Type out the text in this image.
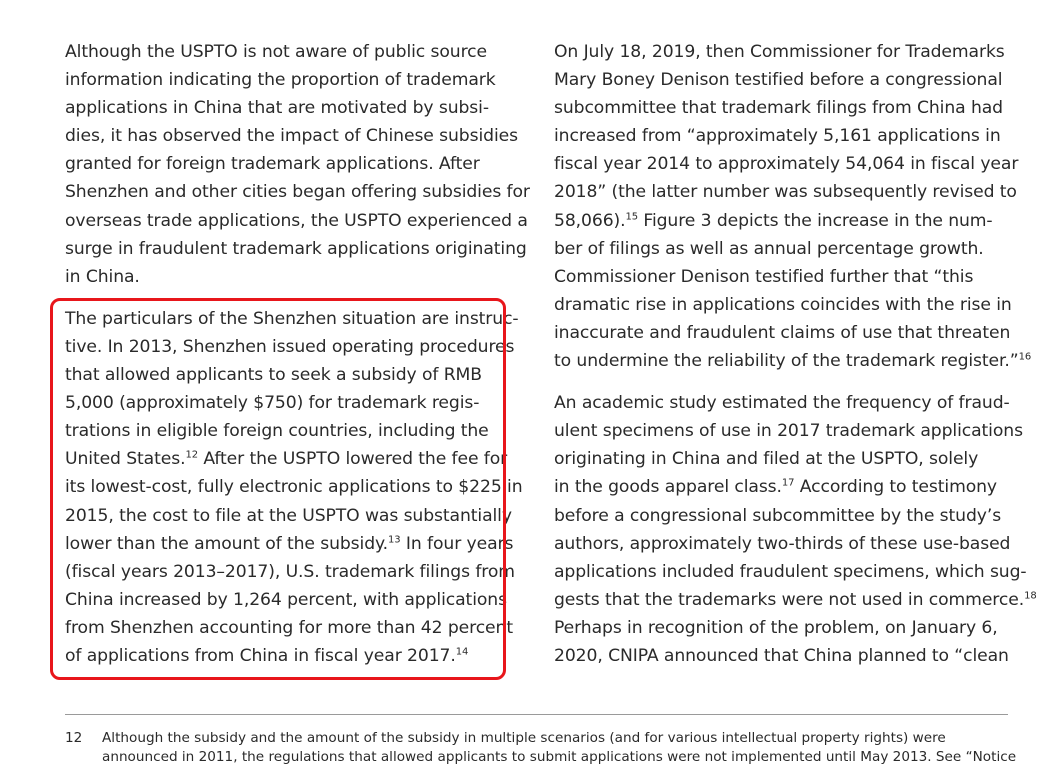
Although the USPTO is not aware of public source
information indicating the proportion of trademark
applications in China that are motivated by subsi-
dies, it has observed the impact of Chinese subsidies
granted for foreign trademark applications. After
Shenzhen and other cities began offering subsidies for
overseas trade applications, the USPTO experienced a
surge in fraudulent trademark applications originating
in China.

The particulars of the Shenzhen situation are instruc-
tive. In 2013, Shenzhen issued operating procedures
that allowed applicants to seek a subsidy of RMB
5,000 (approximately $750) for trademark regis-
trations in eligible foreign countries, including the
United States.$^{12}$ After the USPTO lowered the fee for
its lowest-cost, fully electronic applications to $225 in
2015, the cost to file at the USPTO was substantially
lower than the amount of the subsidy.$^{13}$ In four years
(fiscal years 2013–2017), U.S. trademark filings from
China increased by 1,264 percent, with applications
from Shenzhen accounting for more than 42 percent
of applications from China in fiscal year 2017.14

On July 18, 2019, then Commissioner for Trademarks
Mary Boney Denison testified before a congressional
subcommittee that trademark filings from China had
increased from “approximately 5,161 applications in
fiscal year 2014 to approximately 54,064 in fiscal year
2018” (the latter number was subsequently revised to
58,066).$^{15}$ Figure 3 depicts the increase in the num-
ber of filings as well as annual percentage growth.
Commissioner Denison testified further that “this
dramatic rise in applications coincides with the rise in
inaccurate and fraudulent claims of use that threaten
to undermine the reliability of the trademark register.”$^{16}$

An academic study estimated the frequency of fraud-
ulent specimens of use in 2017 trademark applications
originating in China and filed at the USPTO, solely
in the goods apparel class.$^{17}$ According to testimony
before a congressional subcommittee by the study’s
authors, approximately two-thirds of these use-based
applications included fraudulent specimens, which sug-
gests that the trademarks were not used in commerce.$^{18}$
Perhaps in recognition of the problem, on January 6,
2020, CNIPA announced that China planned to “clean

12 Although the subsidy and the amount of the subsidy in multiple scenarios (and for various intellectual property rights) were
announced in 2011, the regulations that allowed applicants to submit applications were not implemented until May 2013. See “Notice
